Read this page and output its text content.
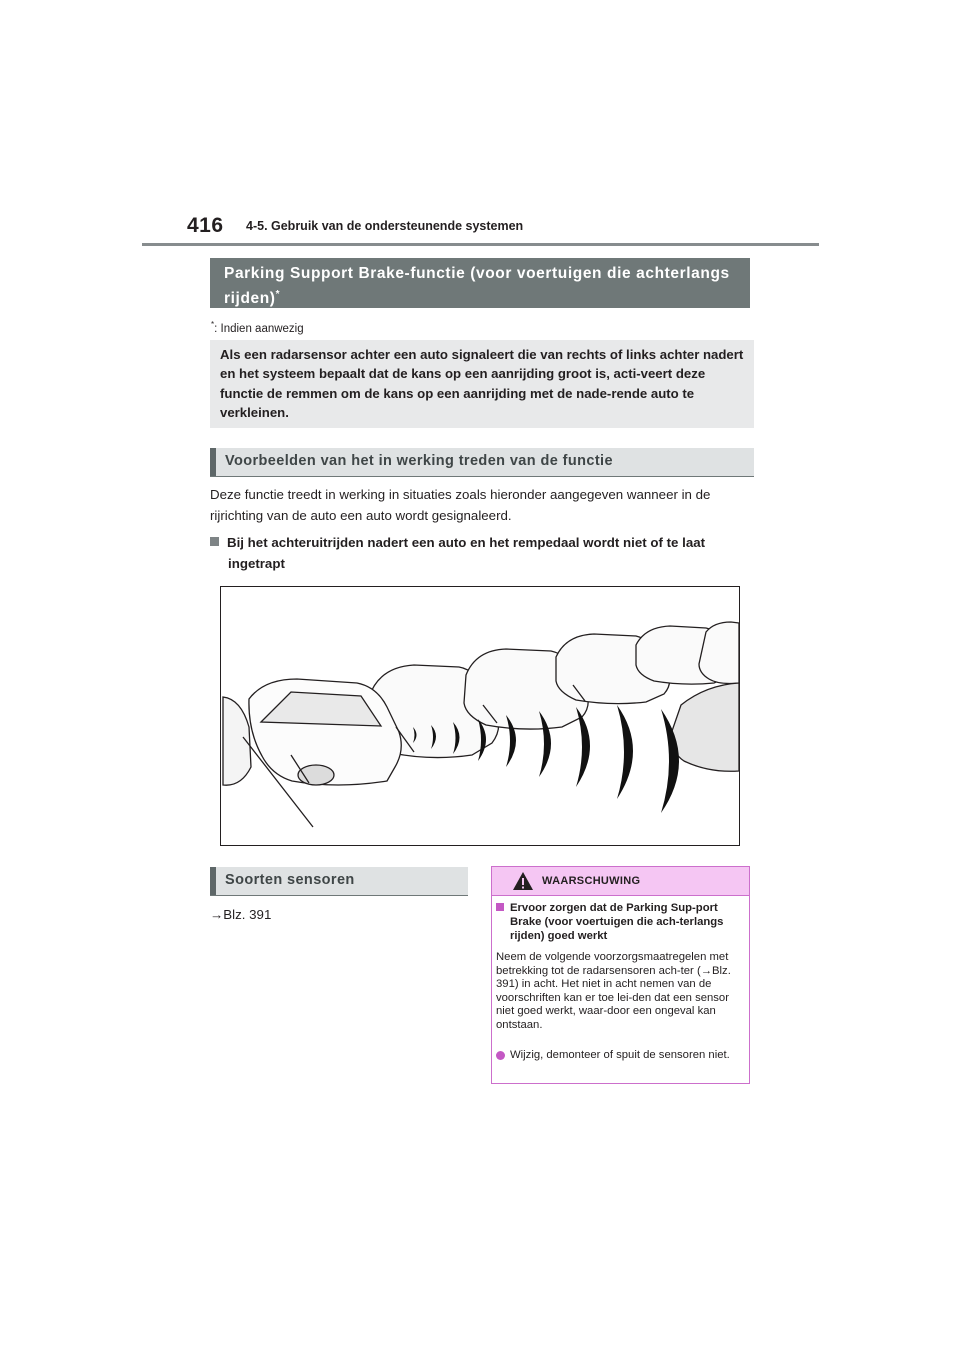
416 4-5. Gebruik van de ondersteunende systemen
Parking Support Brake-functie (voor voertuigen die achterlangs rijden)*
*: Indien aanwezig
Als een radarsensor achter een auto signaleert die van rechts of links achter nadert en het systeem bepaalt dat de kans op een aanrijding groot is, acti-veert deze functie de remmen om de kans op een aanrijding met de nade-rende auto te verkleinen.
Voorbeelden van het in werking treden van de functie
Deze functie treedt in werking in situaties zoals hieronder aangegeven wanneer in de rijrichting van de auto een auto wordt gesignaleerd.
Bij het achteruitrijden nadert een auto en het rempedaal wordt niet of te laat
ingetrapt
Soorten sensoren
→Blz. 391
WAARSCHUWING
Ervoor zorgen dat de Parking Sup-port Brake (voor voertuigen die ach-terlangs rijden) goed werkt
Neem de volgende voorzorgsmaatregelen met betrekking tot de radarsensoren ach-ter (→Blz. 391) in acht. Het niet in acht nemen van de voorschriften kan er toe lei-den dat een sensor niet goed werkt, waar-door een ongeval kan ontstaan.
Wijzig, demonteer of spuit de sensoren niet.
